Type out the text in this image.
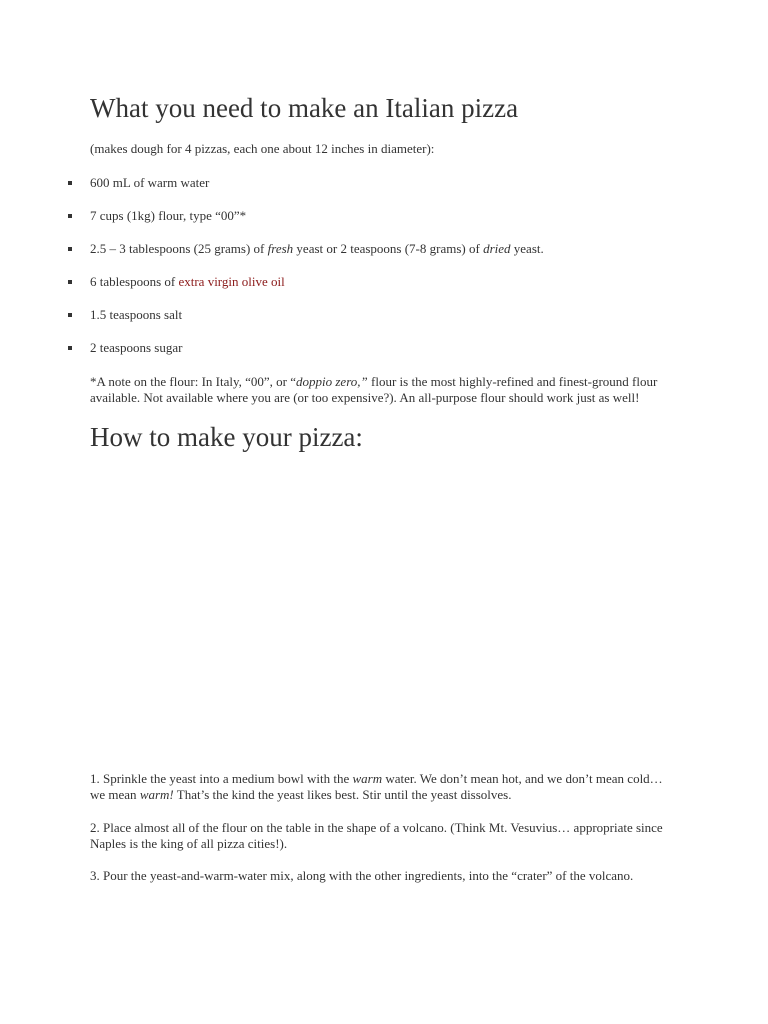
What you need to make an Italian pizza

(makes dough for 4 pizzas, each one about 12 inches in diameter):

600 mL of warm water
7 cups (1kg) flour, type “00”*
2.5 – 3 tablespoons (25 grams) of fresh yeast or 2 teaspoons (7-8 grams) of dried yeast.
6 tablespoons of extra virgin olive oil
1.5 teaspoons salt
2 teaspoons sugar

*A note on the flour: In Italy, “00”, or “doppio zero,” flour is the most highly-refined and finest-ground flour available. Not available where you are (or too expensive?). An all-purpose flour should work just as well!

How to make your pizza:

1. Sprinkle the yeast into a medium bowl with the warm water. We don’t mean hot, and we don’t mean cold… we mean warm! That’s the kind the yeast likes best. Stir until the yeast dissolves.

2. Place almost all of the flour on the table in the shape of a volcano. (Think Mt. Vesuvius… appropriate since Naples is the king of all pizza cities!).

3. Pour the yeast-and-warm-water mix, along with the other ingredients, into the “crater” of the volcano.
